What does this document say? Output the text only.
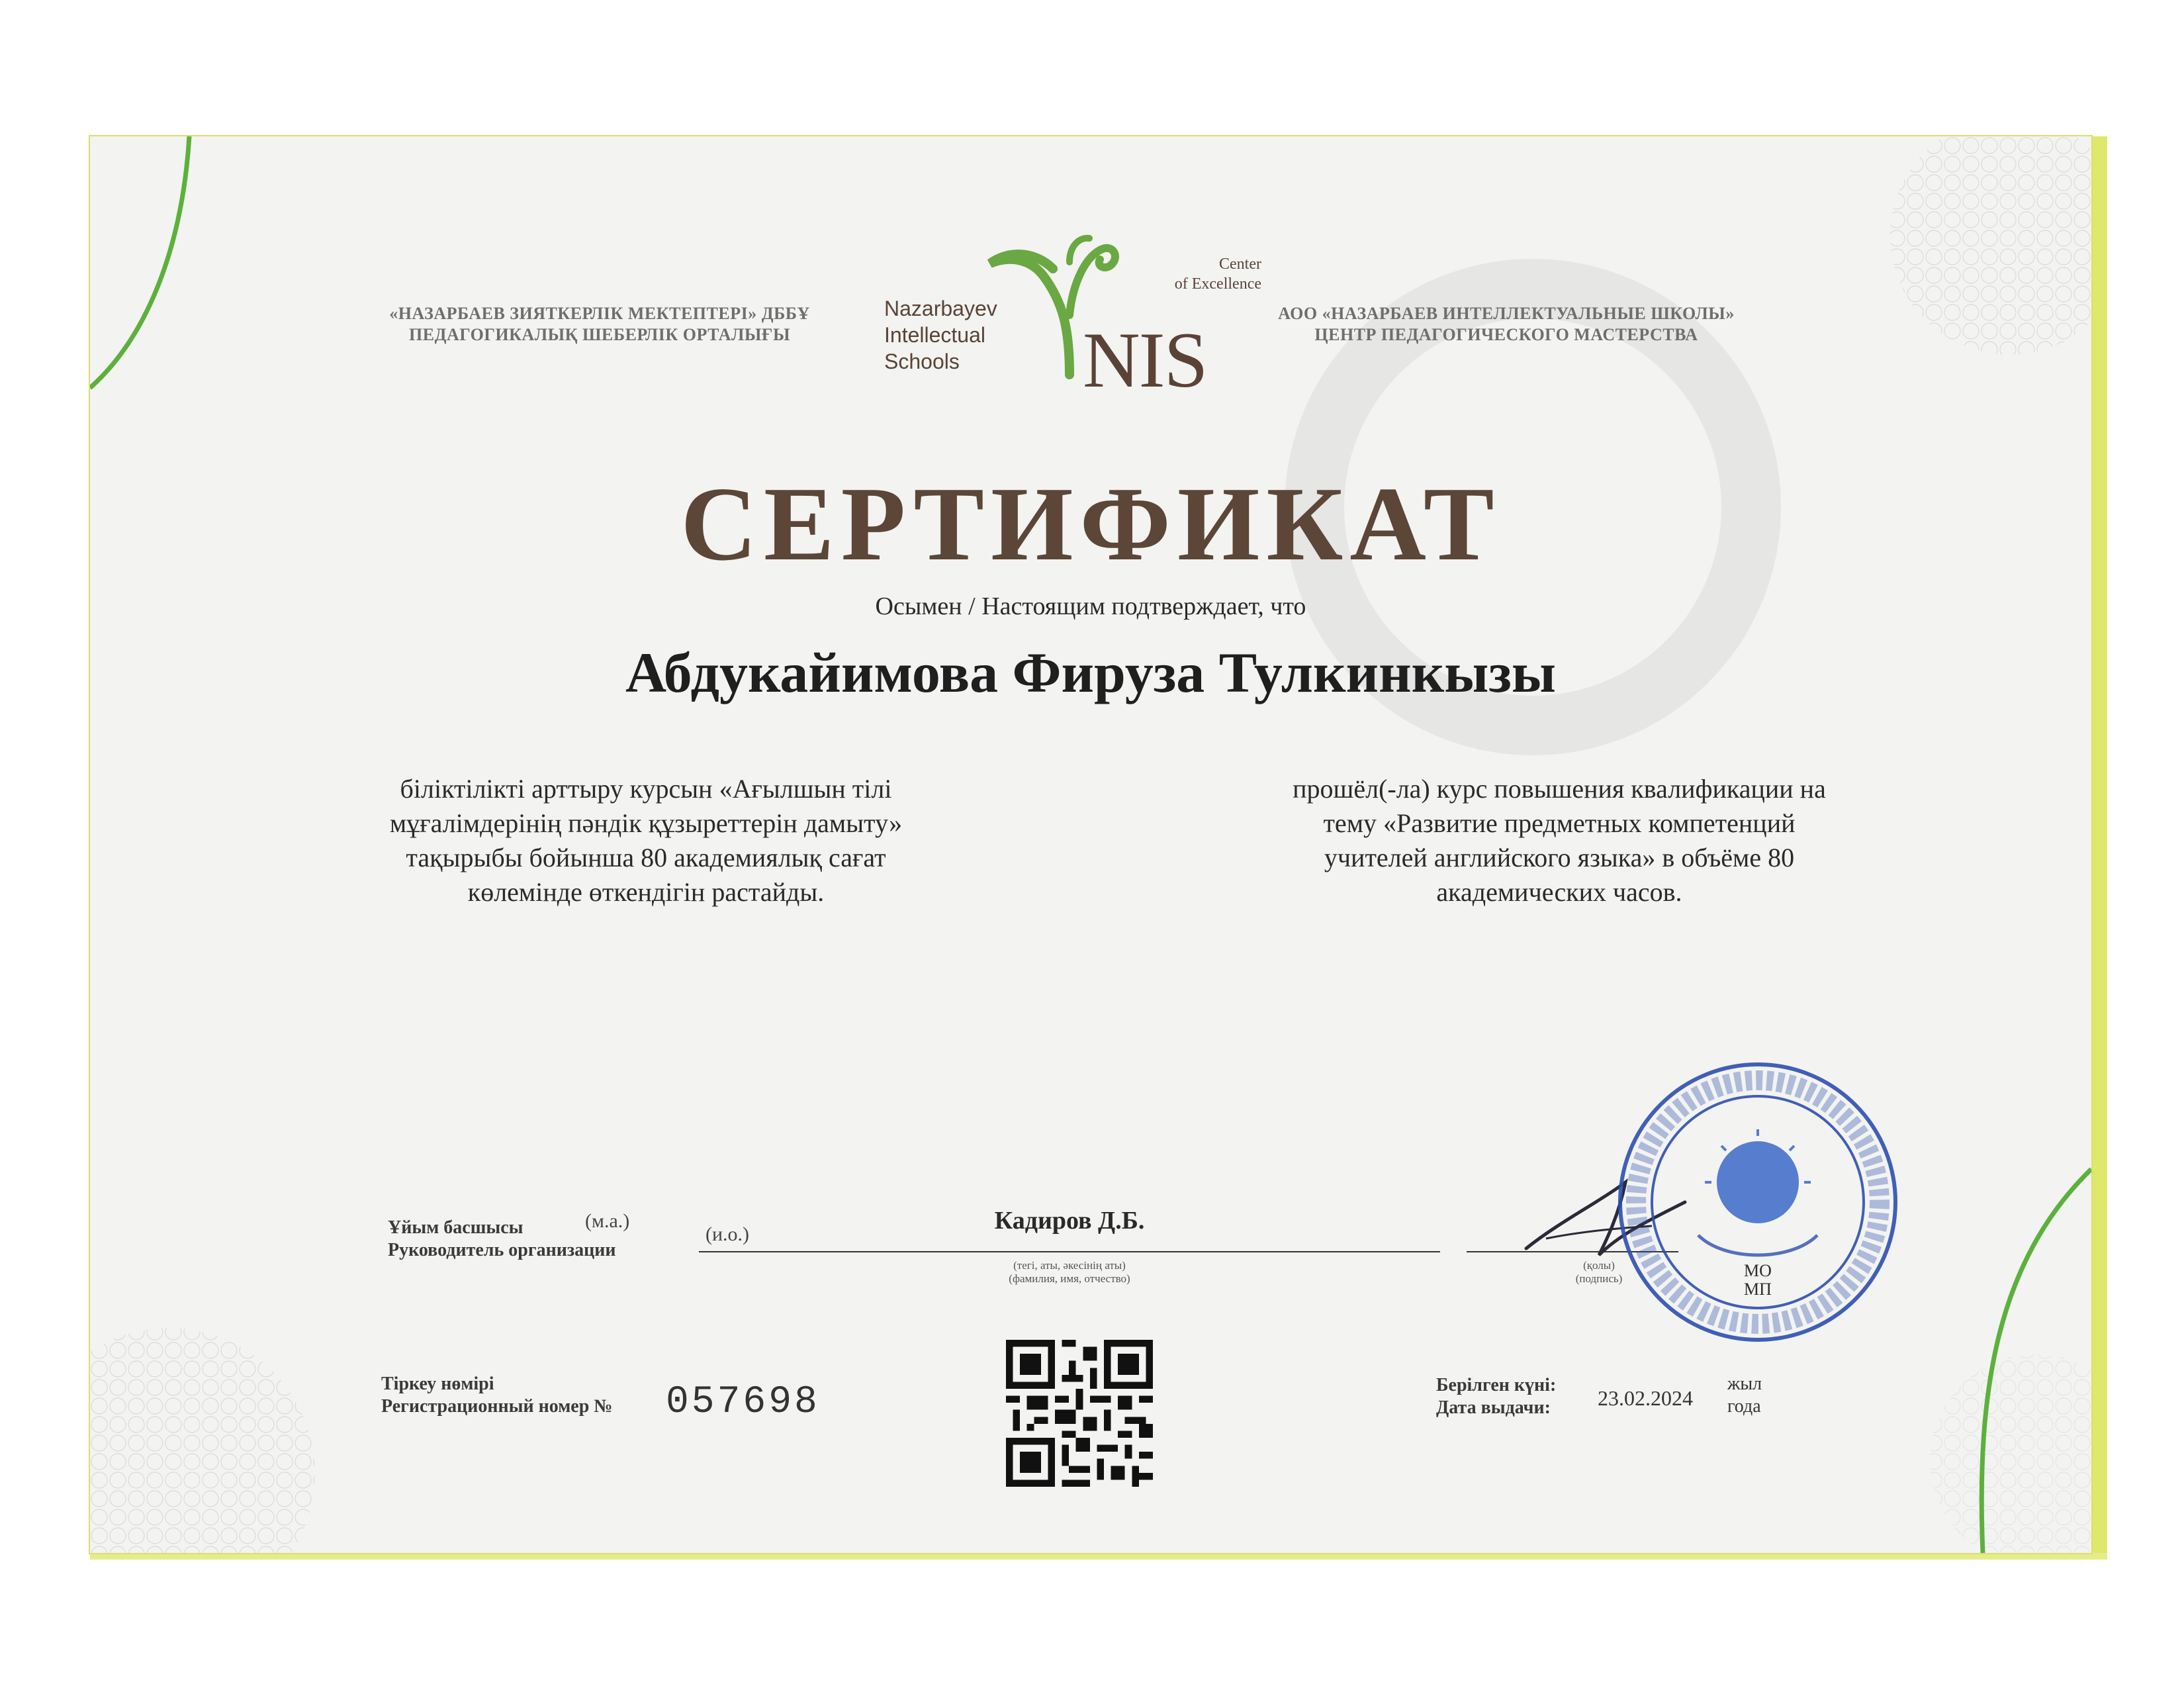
«НАЗАРБАЕВ ЗИЯТКЕРЛІК МЕКТЕПТЕРІ» ДББҰ
ПЕДАГОГИКАЛЫҚ ШЕБЕРЛІК ОРТАЛЫҒЫ
АОО «НАЗАРБАЕВ ИНТЕЛЛЕКТУАЛЬНЫЕ ШКОЛЫ»
ЦЕНТР ПЕДАГОГИЧЕСКОГО МАСТЕРСТВА
Nazarbayev
Intellectual
Schools
Center
of Excellence
NIS
СЕРТИФИКАТ
Осымен / Настоящим подтверждает, что
Абдукайимова Фируза Тулкинкызы
біліктілікті арттыру курсын «Ағылшын тілі
мұғалімдерінің пәндік құзыреттерін дамыту»
тақырыбы бойынша 80 академиялық сағат
көлемінде өткендігін растайды.
прошёл(-ла) курс повышения квалификации на
тему «Развитие предметных компетенций
учителей английского языка» в объёме 80
академических часов.
Ұйым басшысы
Руководитель организации
(м.а.)
(и.о.)	Кадиров Д.Б.
(тегі, аты, әкесінің аты)
(фамилия, имя, отчество)
(қолы)
(подпись)	МО
МП
Тіркеу нөмірі
Регистрационный номер № 057698	Берілген күні:
Дата выдачи: 23.02.2024
жыл
года
